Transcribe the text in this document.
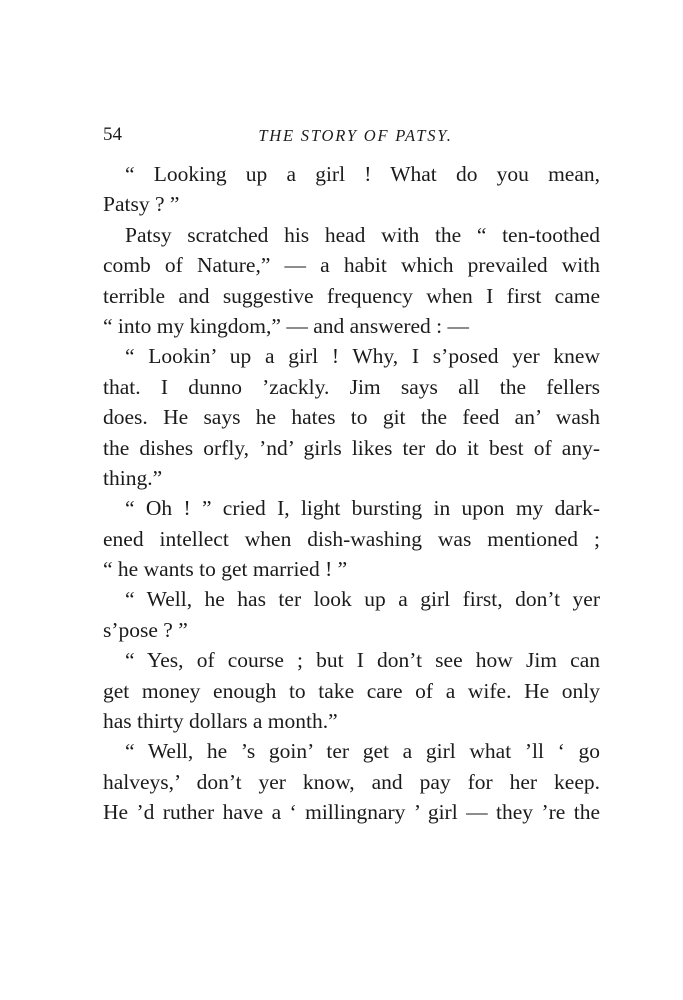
54	THE STORY OF PATSY.
“ Looking up a girl ! What do you mean,
Patsy ? ”
Patsy scratched his head with the “ ten-toothed
comb of Nature,” — a habit which prevailed with
terrible and suggestive frequency when I first came
“ into my kingdom,” — and answered : —
“ Lookin’ up a girl ! Why, I s’posed yer knew
that. I dunno ’zackly. Jim says all the fellers
does. He says he hates to git the feed an’ wash
the dishes orfly, ’nd’ girls likes ter do it best of any-
thing.”
“ Oh ! ” cried I, light bursting in upon my dark-
ened intellect when dish-washing was mentioned ;
“ he wants to get married ! ”
“ Well, he has ter look up a girl first, don’t yer
s’pose ? ”
“ Yes, of course ; but I don’t see how Jim can
get money enough to take care of a wife. He only
has thirty dollars a month.”
“ Well, he ’s goin’ ter get a girl what ’ll ‘ go
halveys,’ don’t yer know, and pay for her keep.
He ’d ruther have a ‘ millingnary ’ girl — they ’re the
